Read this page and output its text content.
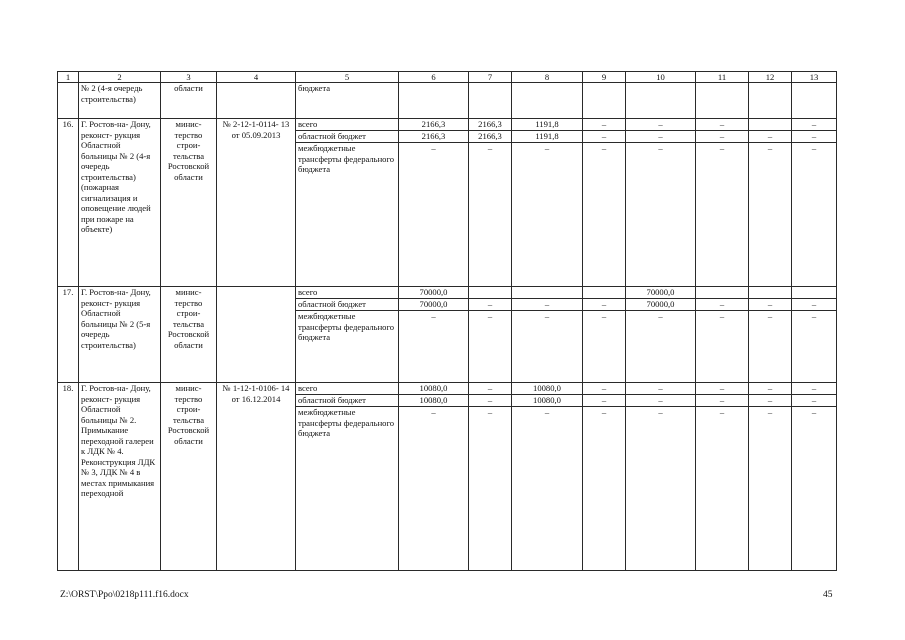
1	2	3	4	5	6	7	8	9	10	11	12	13
	№ 2 (4-я очередь строительства)	области		бюджета								
16.	Г. Ростов-на- Дону, реконст- рукция Областной больницы № 2 (4-я очередь строительства) (пожарная сигнализация и оповещение людей при пожаре на объекте)	минис- терство строи- тельства Ростовской области	№ 2-12-1-0114- 13 от 05.09.2013	всего	2166,3	2166,3	1191,8	–	–	–		–
				областной бюджет	2166,3	2166,3	1191,8	–	–	–	–	–
				межбюджетные трансферты федерального бюджета	–	–	–	–	–	–	–	–
17.	Г. Ростов-на- Дону, реконст- рукция Областной больницы № 2 (5-я очередь строительства)	минис- терство строи- тельства Ростовской области		всего	70000,0				70000,0			
				областной бюджет	70000,0	–	–	–	70000,0	–	–	–
				межбюджетные трансферты федерального бюджета	–	–	–	–	–	–	–	–
18.	Г. Ростов-на- Дону, реконст- рукция Областной больницы № 2. Примыкание переходной галереи к ЛДК № 4. Реконструкция ЛДК № 3, ЛДК № 4 в местах примыкания переходной	минис- терство строи- тельства Ростовской области	№ 1-12-1-0106- 14 от 16.12.2014	всего	10080,0	–	10080,0	–	–	–	–	–
				областной бюджет	10080,0	–	10080,0	–	–	–	–	–
				межбюджетные трансферты федерального бюджета	–	–	–	–	–	–	–	–
Z:\ORST\Ppo\0218p111.f16.docx	45
